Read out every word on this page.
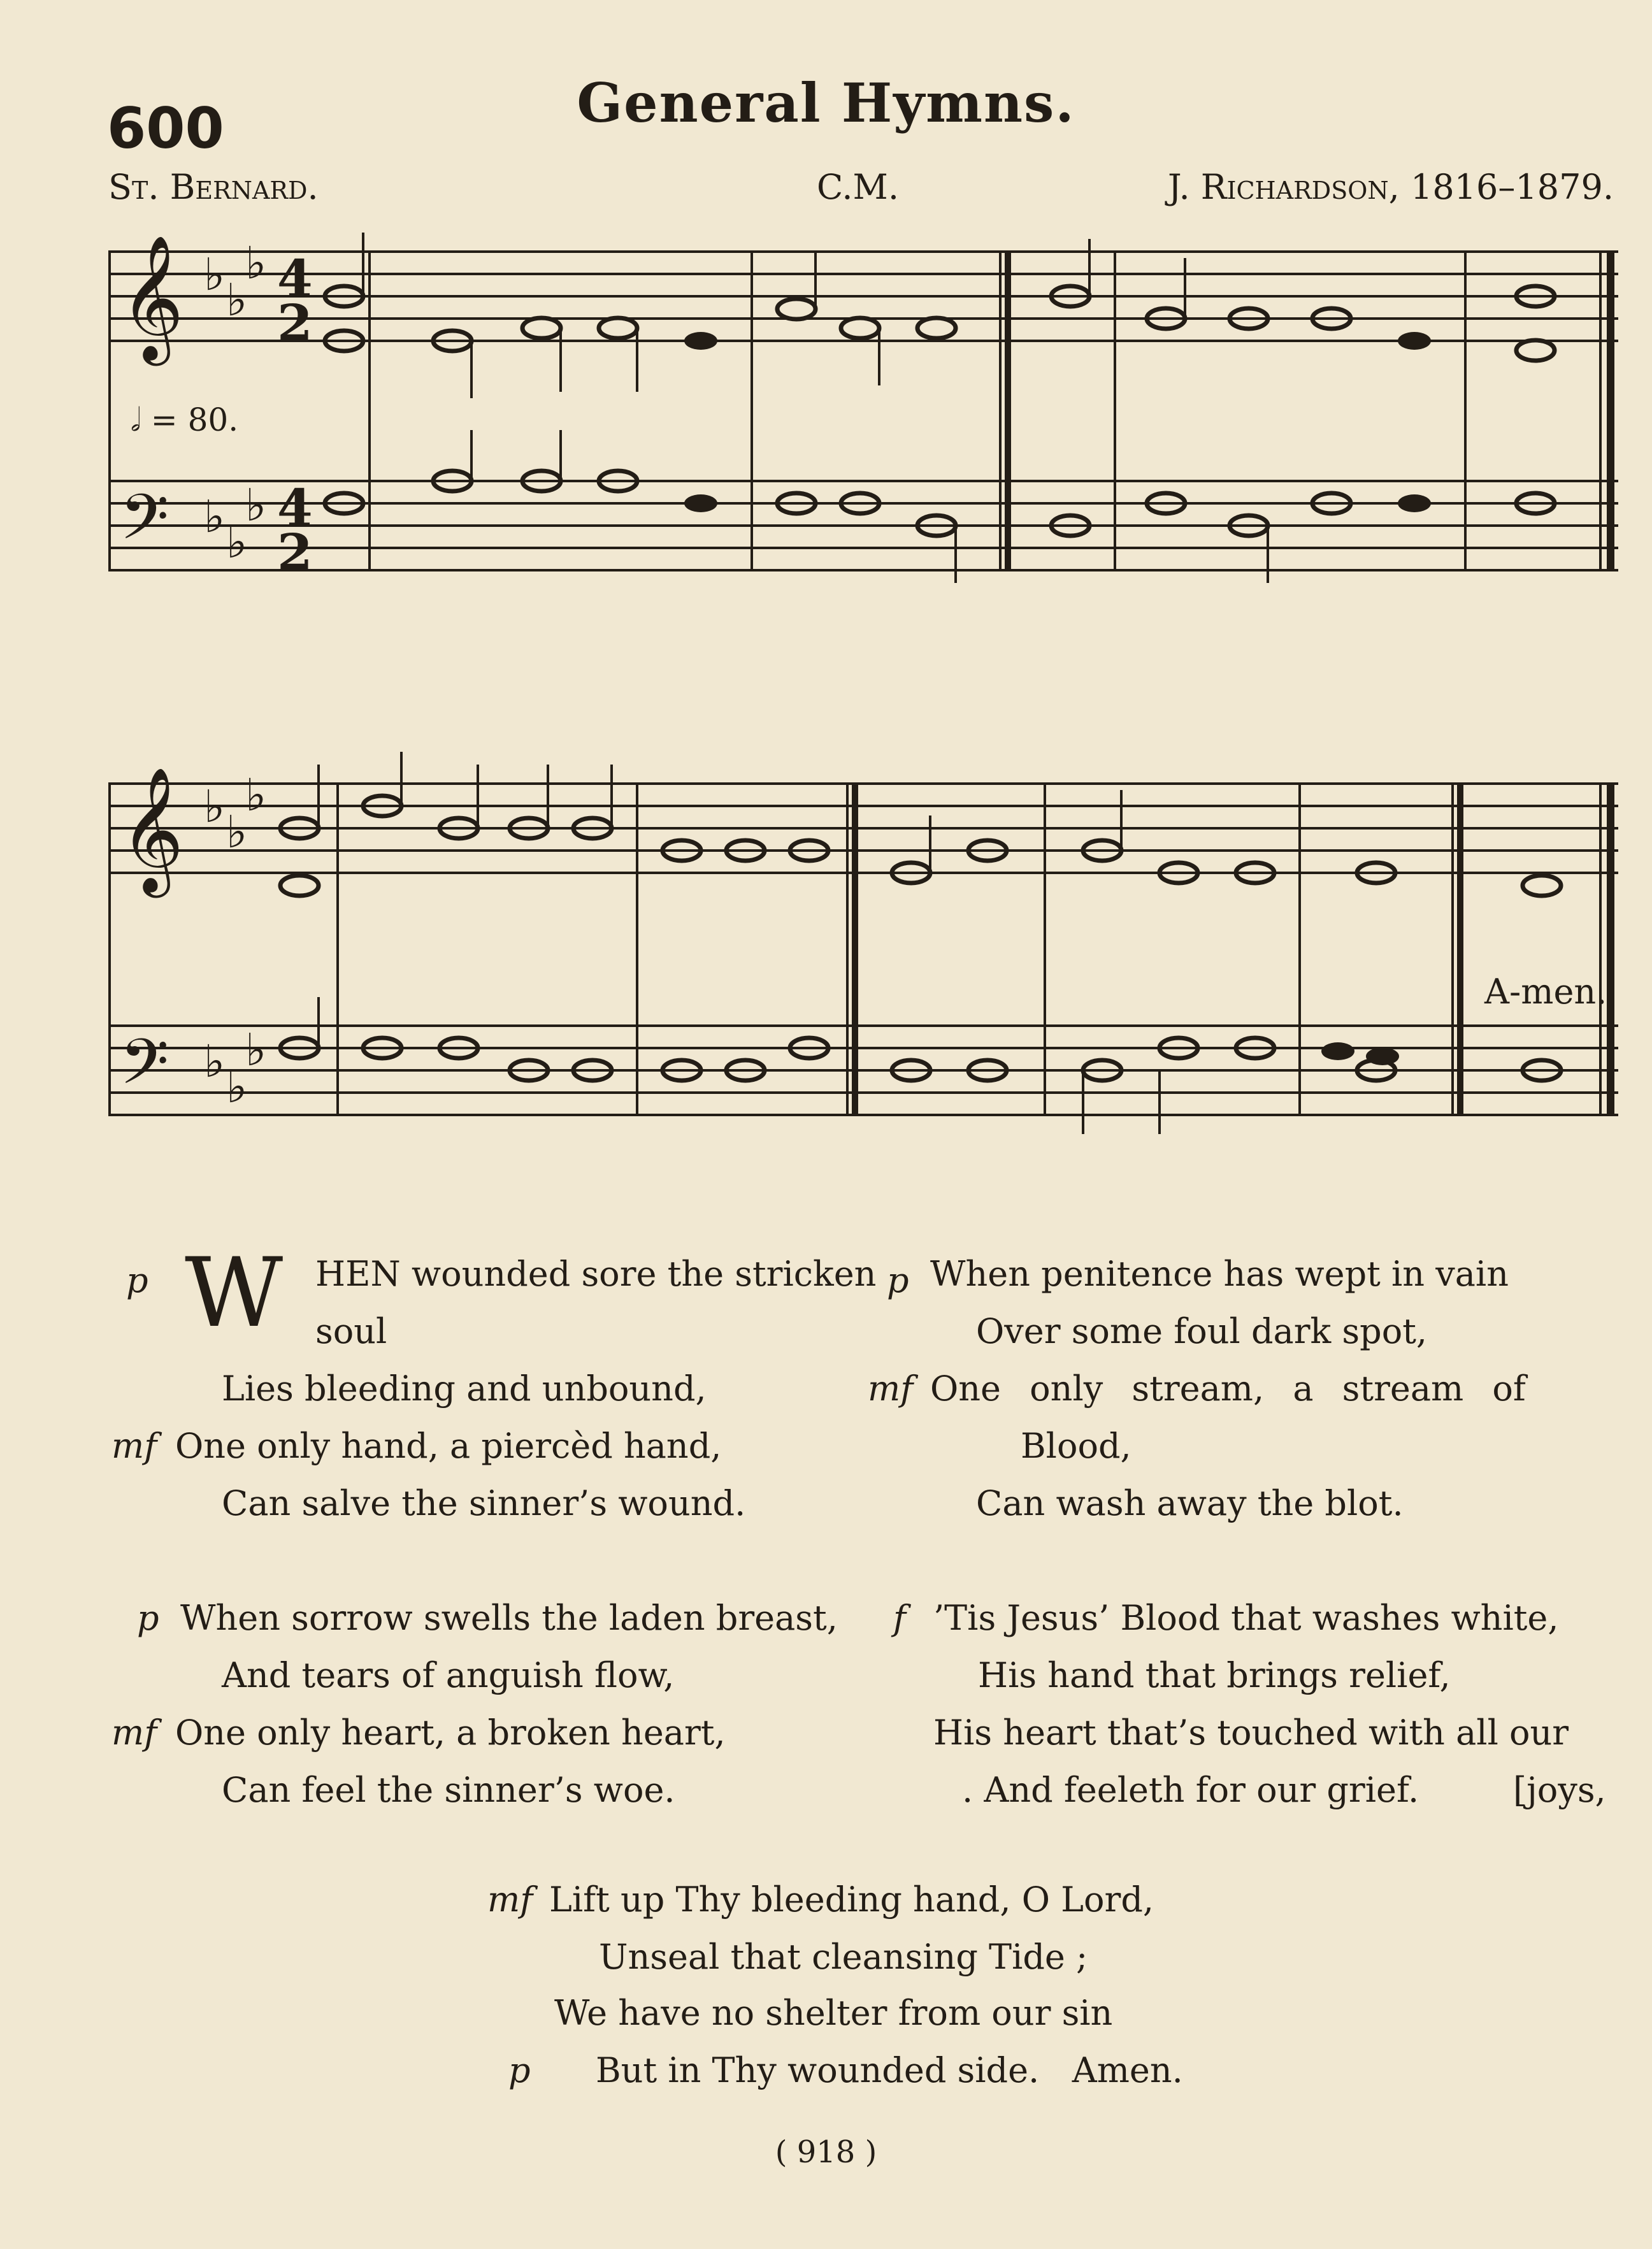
600	General Hymns.
St. Bernard.	C.M.	J. Richardson, 1816–1879.
𝄞
𝄢
♭ ♭
♭
♭ ♭
♭
4
2
4
2
𝅗𝅥 = 80.
𝄞
𝄢
♭ ♭
♭
♭ ♭
♭
A-men.
p W HEN wounded sore the stricken
soul
Lies bleeding and unbound,
mf One only hand, a piercèd hand,
Can salve the sinner’s wound.
p When sorrow swells the laden breast,
And tears of anguish flow,
mf One only heart, a broken heart,
Can feel the sinner’s woe.
p When penitence has wept in vain
Over some foul dark spot,
mf One only stream, a stream of
Blood,
Can wash away the blot.
f ’Tis Jesus’ Blood that washes white,
His hand that brings relief,
His heart that’s touched with all our
. And feeleth for our grief.	[joys,
mf Lift up Thy bleeding hand, O Lord,
Unseal that cleansing Tide ;
We have no shelter from our sin
p But in Thy wounded side.   Amen.
( 918 )
